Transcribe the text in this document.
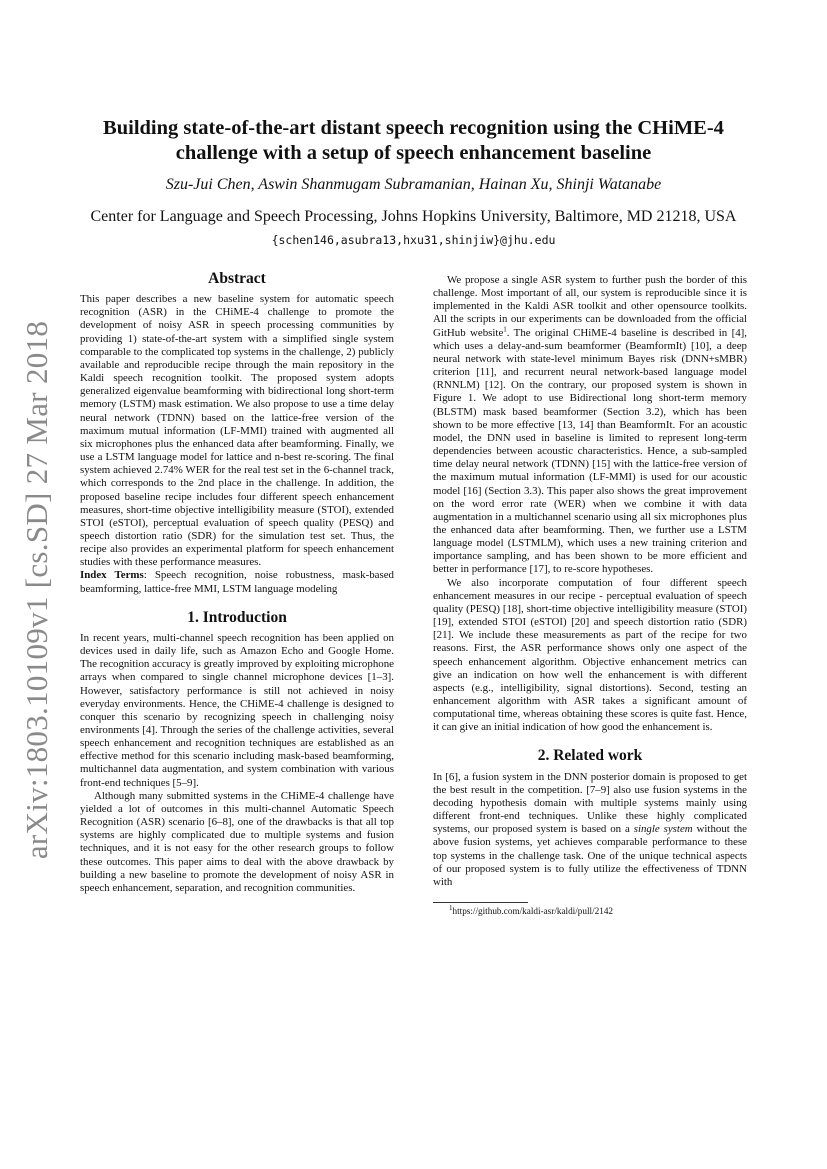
arXiv:1803.10109v1 [cs.SD] 27 Mar 2018
Building state-of-the-art distant speech recognition using the CHiME-4 challenge with a setup of speech enhancement baseline
Szu-Jui Chen, Aswin Shanmugam Subramanian, Hainan Xu, Shinji Watanabe
Center for Language and Speech Processing, Johns Hopkins University, Baltimore, MD 21218, USA
{schen146,asubra13,hxu31,shinjiw}@jhu.edu
Abstract

This paper describes a new baseline system for automatic speech recognition (ASR) in the CHiME-4 challenge to promote the development of noisy ASR in speech processing communities by providing 1) state-of-the-art system with a simplified single system comparable to the complicated top systems in the challenge, 2) publicly available and reproducible recipe through the main repository in the Kaldi speech recognition toolkit. The proposed system adopts generalized eigenvalue beamforming with bidirectional long short-term memory (LSTM) mask estimation. We also propose to use a time delay neural network (TDNN) based on the lattice-free version of the maximum mutual information (LF-MMI) trained with augmented all six microphones plus the enhanced data after beamforming. Finally, we use a LSTM language model for lattice and n-best re-scoring. The final system achieved 2.74% WER for the real test set in the 6-channel track, which corresponds to the 2nd place in the challenge. In addition, the proposed baseline recipe includes four different speech enhancement measures, short-time objective intelligibility measure (STOI), extended STOI (eSTOI), perceptual evaluation of speech quality (PESQ) and speech distortion ratio (SDR) for the simulation test set. Thus, the recipe also provides an experimental platform for speech enhancement studies with these performance measures.

Index Terms: Speech recognition, noise robustness, mask-based beamforming, lattice-free MMI, LSTM language modeling

1. Introduction

In recent years, multi-channel speech recognition has been applied on devices used in daily life, such as Amazon Echo and Google Home. The recognition accuracy is greatly improved by exploiting microphone arrays when compared to single channel microphone devices [1–3]. However, satisfactory performance is still not achieved in noisy everyday environments. Hence, the CHiME-4 challenge is designed to conquer this scenario by recognizing speech in challenging noisy environments [4]. Through the series of the challenge activities, several speech enhancement and recognition techniques are established as an effective method for this scenario including mask-based beamforming, multichannel data augmentation, and system combination with various front-end techniques [5–9].

Although many submitted systems in the CHiME-4 challenge have yielded a lot of outcomes in this multi-channel Automatic Speech Recognition (ASR) scenario [6–8], one of the drawbacks is that all top systems are highly complicated due to multiple systems and fusion techniques, and it is not easy for the other research groups to follow these outcomes. This paper aims to deal with the above drawback by building a new baseline to promote the development of noisy ASR in speech enhancement, separation, and recognition communities.

We propose a single ASR system to further push the border of this challenge. Most important of all, our system is reproducible since it is implemented in the Kaldi ASR toolkit and other opensource toolkits. All the scripts in our experiments can be downloaded from the official GitHub website$^1$. The original CHiME-4 baseline is described in [4], which uses a delay-and-sum beamformer (BeamformIt) [10], a deep neural network with state-level minimum Bayes risk (DNN+sMBR) criterion [11], and recurrent neural network-based language model (RNNLM) [12]. On the contrary, our proposed system is shown in Figure 1. We adopt to use Bidirectional long short-term memory (BLSTM) mask based beamformer (Section 3.2), which has been shown to be more effective [13, 14] than BeamformIt. For an acoustic model, the DNN used in baseline is limited to represent long-term dependencies between acoustic characteristics. Hence, a sub-sampled time delay neural network (TDNN) [15] with the lattice-free version of the maximum mutual information (LF-MMI) is used for our acoustic model [16] (Section 3.3). This paper also shows the great improvement on the word error rate (WER) when we combine it with data augmentation in a multichannel scenario using all six microphones plus the enhanced data after beamforming. Then, we further use a LSTM language model (LSTMLM), which uses a new training criterion and importance sampling, and has been shown to be more efficient and better in performance [17], to re-score hypotheses.

We also incorporate computation of four different speech enhancement measures in our recipe - perceptual evaluation of speech quality (PESQ) [18], short-time objective intelligibility measure (STOI) [19], extended STOI (eSTOI) [20] and speech distortion ratio (SDR) [21]. We include these measurements as part of the recipe for two reasons. First, the ASR performance shows only one aspect of the speech enhancement algorithm. Objective enhancement metrics can give an indication on how well the enhancement is with different aspects (e.g., intelligibility, signal distortions). Second, testing an enhancement algorithm with ASR takes a significant amount of computational time, whereas obtaining these scores is quite fast. Hence, it can give an initial indication of how good the enhancement is.

2. Related work

In [6], a fusion system in the DNN posterior domain is proposed to get the best result in the competition. [7–9] also use fusion systems in the decoding hypothesis domain with multiple systems mainly using different front-end techniques. Unlike these highly complicated systems, our proposed system is based on a single system without the above fusion systems, yet achieves comparable performance to these top systems in the challenge task. One of the unique technical aspects of our proposed system is to fully utilize the effectiveness of TDNN with

$^1$https://github.com/kaldi-asr/kaldi/pull/2142
